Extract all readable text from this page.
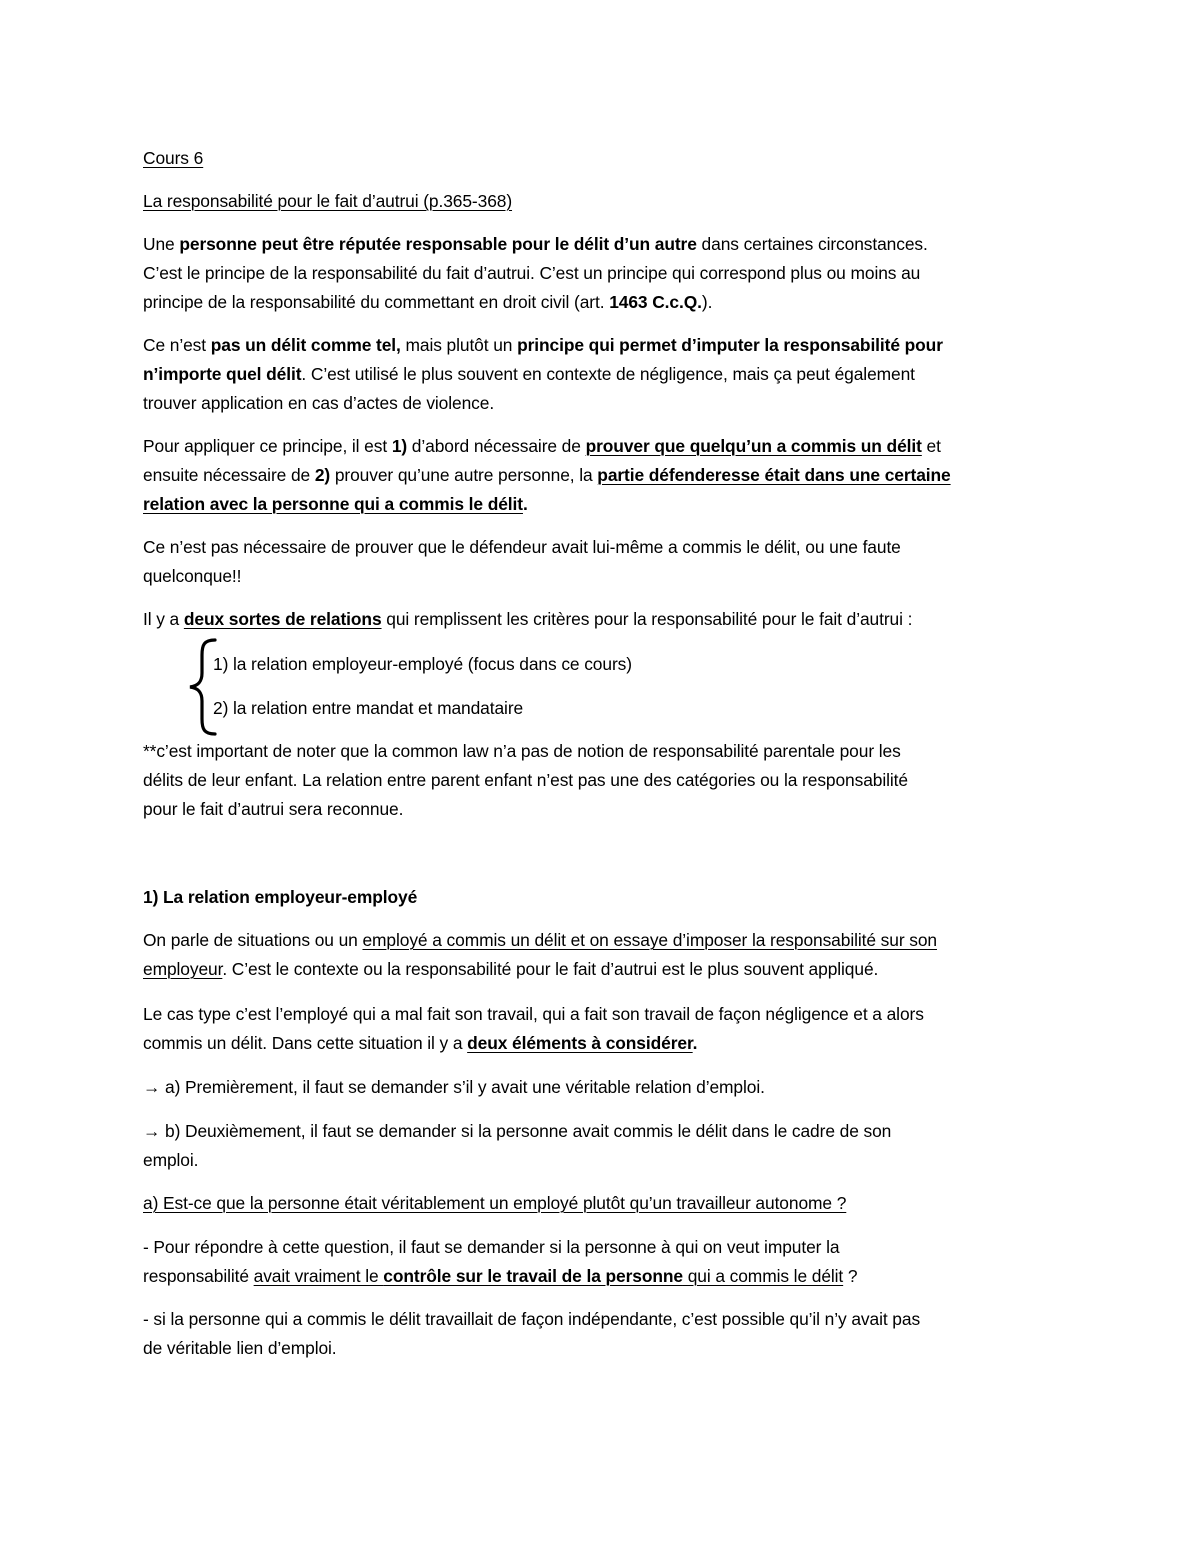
Cours 6
La responsabilité pour le fait d’autrui (p.365-368)
Une personne peut être réputée responsable pour le délit d’un autre dans certaines circonstances.
C’est le principe de la responsabilité du fait d’autrui. C’est un principe qui correspond plus ou moins au
principe de la responsabilité du commettant en droit civil (art. 1463 C.c.Q.).
Ce n’est pas un délit comme tel, mais plutôt un principe qui permet d’imputer la responsabilité pour
n’importe quel délit. C’est utilisé le plus souvent en contexte de négligence, mais ça peut également
trouver application en cas d’actes de violence.
Pour appliquer ce principe, il est 1) d’abord nécessaire de prouver que quelqu’un a commis un délit et
ensuite nécessaire de 2) prouver qu’une autre personne, la partie défenderesse était dans une certaine
relation avec la personne qui a commis le délit.
Ce n’est pas nécessaire de prouver que le défendeur avait lui-même a commis le délit, ou une faute
quelconque!!
Il y a deux sortes de relations qui remplissent les critères pour la responsabilité pour le fait d’autrui :
1) la relation employeur-employé (focus dans ce cours)
2) la relation entre mandat et mandataire
**c’est important de noter que la common law n’a pas de notion de responsabilité parentale pour les
délits de leur enfant. La relation entre parent enfant n’est pas une des catégories ou la responsabilité
pour le fait d’autrui sera reconnue.
1) La relation employeur-employé
On parle de situations ou un employé a commis un délit et on essaye d’imposer la responsabilité sur son
employeur. C’est le contexte ou la responsabilité pour le fait d’autrui est le plus souvent appliqué.
Le cas type c’est l’employé qui a mal fait son travail, qui a fait son travail de façon négligence et a alors
commis un délit. Dans cette situation il y a deux éléments à considérer.
→ a) Premièrement, il faut se demander s’il y avait une véritable relation d’emploi.
→ b) Deuxièmement, il faut se demander si la personne avait commis le délit dans le cadre de son
emploi.
a) Est-ce que la personne était véritablement un employé plutôt qu’un travailleur autonome ?
- Pour répondre à cette question, il faut se demander si la personne à qui on veut imputer la
responsabilité avait vraiment le contrôle sur le travail de la personne qui a commis le délit ?
- si la personne qui a commis le délit travaillait de façon indépendante, c’est possible qu’il n’y avait pas
de véritable lien d’emploi.
